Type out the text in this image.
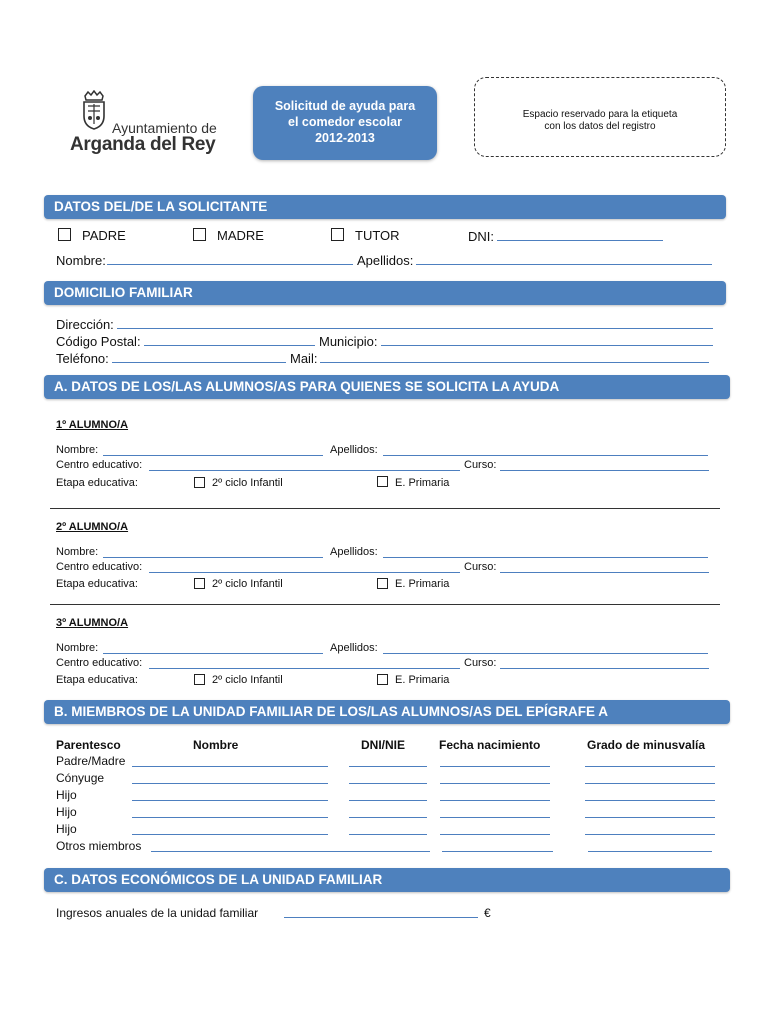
Ayuntamiento de
Arganda del Rey
Solicitud de ayuda para
el comedor escolar
2012-2013
Espacio reservado para la etiqueta
con los datos del registro
DATOS DEL/DE LA SOLICITANTE
PADRE	MADRE	TUTOR	DNI:
Nombre:	Apellidos:
DOMICILIO FAMILIAR
Dirección:
Código Postal:	Municipio:
Teléfono:	Mail:
A. DATOS DE LOS/LAS ALUMNOS/AS PARA QUIENES SE SOLICITA LA AYUDA
1º ALUMNO/A
Nombre:	Apellidos:
Centro educativo:	Curso:
Etapa educativa:	2º ciclo Infantil	E. Primaria
2º ALUMNO/A
Nombre:	Apellidos:
Centro educativo:	Curso:
Etapa educativa:	2º ciclo Infantil	E. Primaria
3º ALUMNO/A
Nombre:	Apellidos:
Centro educativo:	Curso:
Etapa educativa:	2º ciclo Infantil	E. Primaria
B. MIEMBROS DE LA UNIDAD FAMILIAR DE LOS/LAS ALUMNOS/AS DEL EPÍGRAFE A
Parentesco	Nombre	DNI/NIE	Fecha nacimiento	Grado de minusvalía
Padre/Madre
Cónyuge
Hijo
Hijo
Hijo
Otros miembros
C. DATOS ECONÓMICOS DE LA UNIDAD FAMILIAR
Ingresos anuales de la unidad familiar	€
